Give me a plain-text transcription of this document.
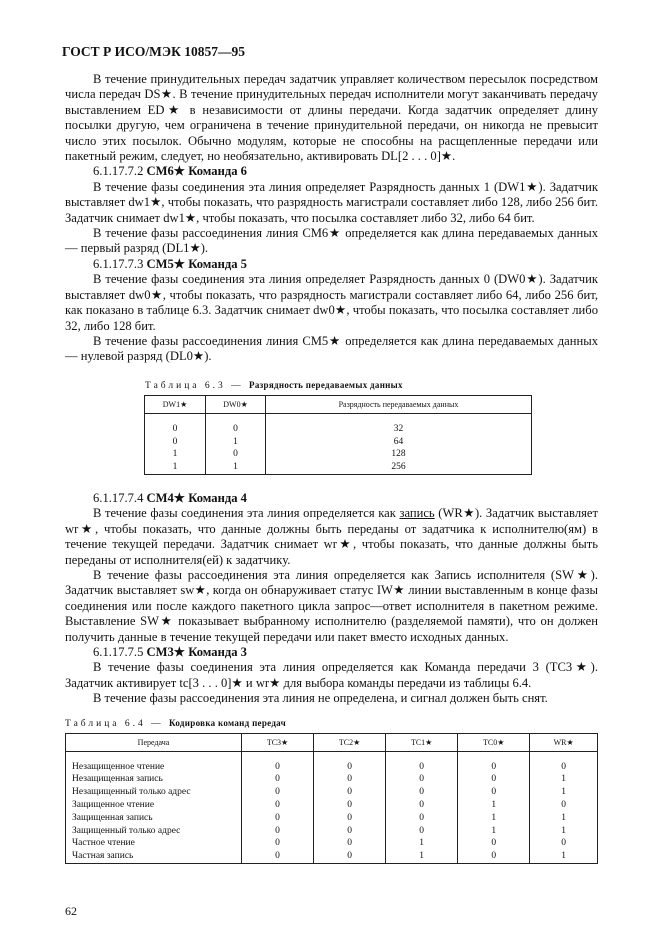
ГОСТ Р ИСО/МЭК 10857—95

В течение принудительных передач задатчик управляет количеством пересылок посредством числа передач DS★. В течение принудительных передач исполнители могут заканчивать передачу выставлением ED★ в независимости от длины передачи. Когда задатчик определяет длину посылки другую, чем ограничена в течение принудительной передачи, он никогда не превысит число этих посылок. Обычно модулям, которые не способны на расщепленные передачи или пакетный режим, следует, но необязательно, активировать DL[2 . . . 0]★.

6.1.17.7.2 CM6★ Команда 6

В течение фазы соединения эта линия определяет Разрядность данных 1 (DW1★). Задатчик выставляет dw1★, чтобы показать, что разрядность магистрали составляет либо 128, либо 256 бит. Задатчик снимает dw1★, чтобы показать, что посылка составляет либо 32, либо 64 бит.

В течение фазы рассоединения линия CM6★ определяется как длина передаваемых данных — первый разряд (DL1★).

6.1.17.7.3 CM5★ Команда 5

В течение фазы соединения эта линия определяет Разрядность данных 0 (DW0★). Задатчик выставляет dw0★, чтобы показать, что разрядность магистрали составляет либо 64, либо 256 бит, как показано в таблице 6.3. Задатчик снимает dw0★, чтобы показать, что посылка составляет либо 32, либо 128 бит.

В течение фазы рассоединения линия CM5★ определяется как длина передаваемых данных — нулевой разряд (DL0★).

Таблица 6.3 — Разрядность передаваемых данных
DW1★	DW0★	Разрядность передаваемых данных
0	0	32
0	1	64
1	0	128
1	1	256

6.1.17.7.4 CM4★ Команда 4

В течение фазы соединения эта линия определяется как запись (WR★). Задатчик выставляет wr★, чтобы показать, что данные должны быть переданы от задатчика к исполнителю(ям) в течение текущей передачи. Задатчик снимает wr★, чтобы показать, что данные должны быть переданы от исполнителя(ей) к задатчику.

В течение фазы рассоединения эта линия определяется как Запись исполнителя (SW★). Задатчик выставляет sw★, когда он обнаруживает статус IW★ линии выставленным в конце фазы соединения или после каждого пакетного цикла запрос—ответ исполнителя в пакетном режиме. Выставление SW★ показывает выбранному исполнителю (разделяемой памяти), что он должен получить данные в течение текущей передачи или пакет вместо исходных данных.

6.1.17.7.5 CM3★ Команда 3

В течение фазы соединения эта линия определяется как Команда передачи 3 (TC3★). Задатчик активирует tc[3 . . . 0]★ и wr★ для выбора команды передачи из таблицы 6.4.

В течение фазы рассоединения эта линия не определена, и сигнал должен быть снят.

Таблица 6.4 — Кодировка команд передач
Передача	TC3★	TC2★	TC1★	TC0★	WR★
Незащищенное чтение	0	0	0	0	0
Незащищенная запись	0	0	0	0	1
Незащищенный только адрес	0	0	0	0	1
Защищенное чтение	0	0	0	1	0
Защищенная запись	0	0	0	1	1
Защищенный только адрес	0	0	0	1	1
Частное чтение	0	0	1	0	0
Частная запись	0	0	1	0	1
62
